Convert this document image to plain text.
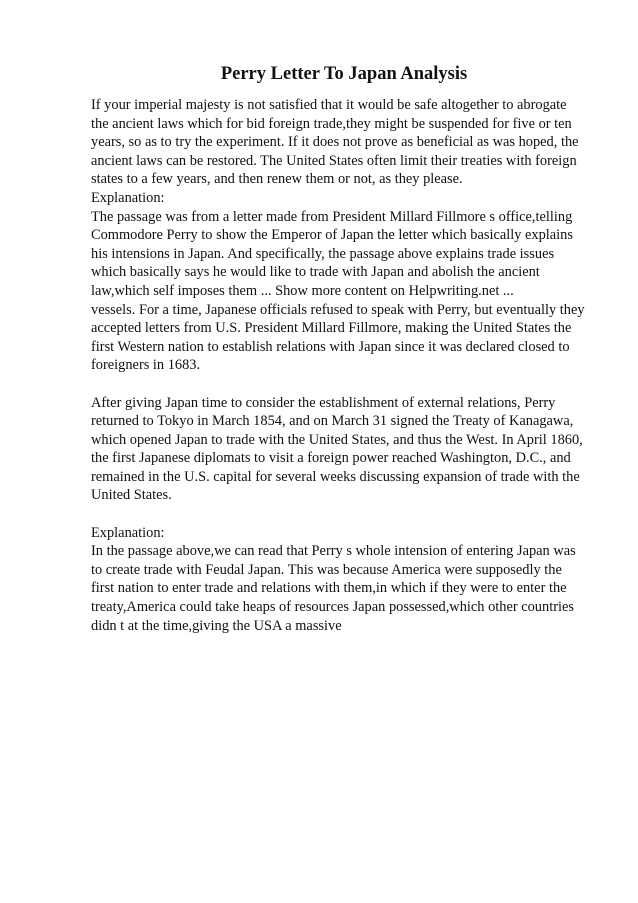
Perry Letter To Japan Analysis
If your imperial majesty is not satisfied that it would be safe altogether to abrogate
the ancient laws which for bid foreign trade,they might be suspended for five or ten
years, so as to try the experiment. If it does not prove as beneficial as was hoped, the
ancient laws can be restored. The United States often limit their treaties with foreign
states to a few years, and then renew them or not, as they please.
Explanation:
The passage was from a letter made from President Millard Fillmore s office,telling
Commodore Perry to show the Emperor of Japan the letter which basically explains
his intensions in Japan. And specifically, the passage above explains trade issues
which basically says he would like to trade with Japan and abolish the ancient
law,which self imposes them ... Show more content on Helpwriting.net ...
vessels. For a time, Japanese officials refused to speak with Perry, but eventually they
accepted letters from U.S. President Millard Fillmore, making the United States the
first Western nation to establish relations with Japan since it was declared closed to
foreigners in 1683.
After giving Japan time to consider the establishment of external relations, Perry
returned to Tokyo in March 1854, and on March 31 signed the Treaty of Kanagawa,
which opened Japan to trade with the United States, and thus the West. In April 1860,
the first Japanese diplomats to visit a foreign power reached Washington, D.C., and
remained in the U.S. capital for several weeks discussing expansion of trade with the
United States.
Explanation:
In the passage above,we can read that Perry s whole intension of entering Japan was
to create trade with Feudal Japan. This was because America were supposedly the
first nation to enter trade and relations with them,in which if they were to enter the
treaty,America could take heaps of resources Japan possessed,which other countries
didn t at the time,giving the USA a massive
